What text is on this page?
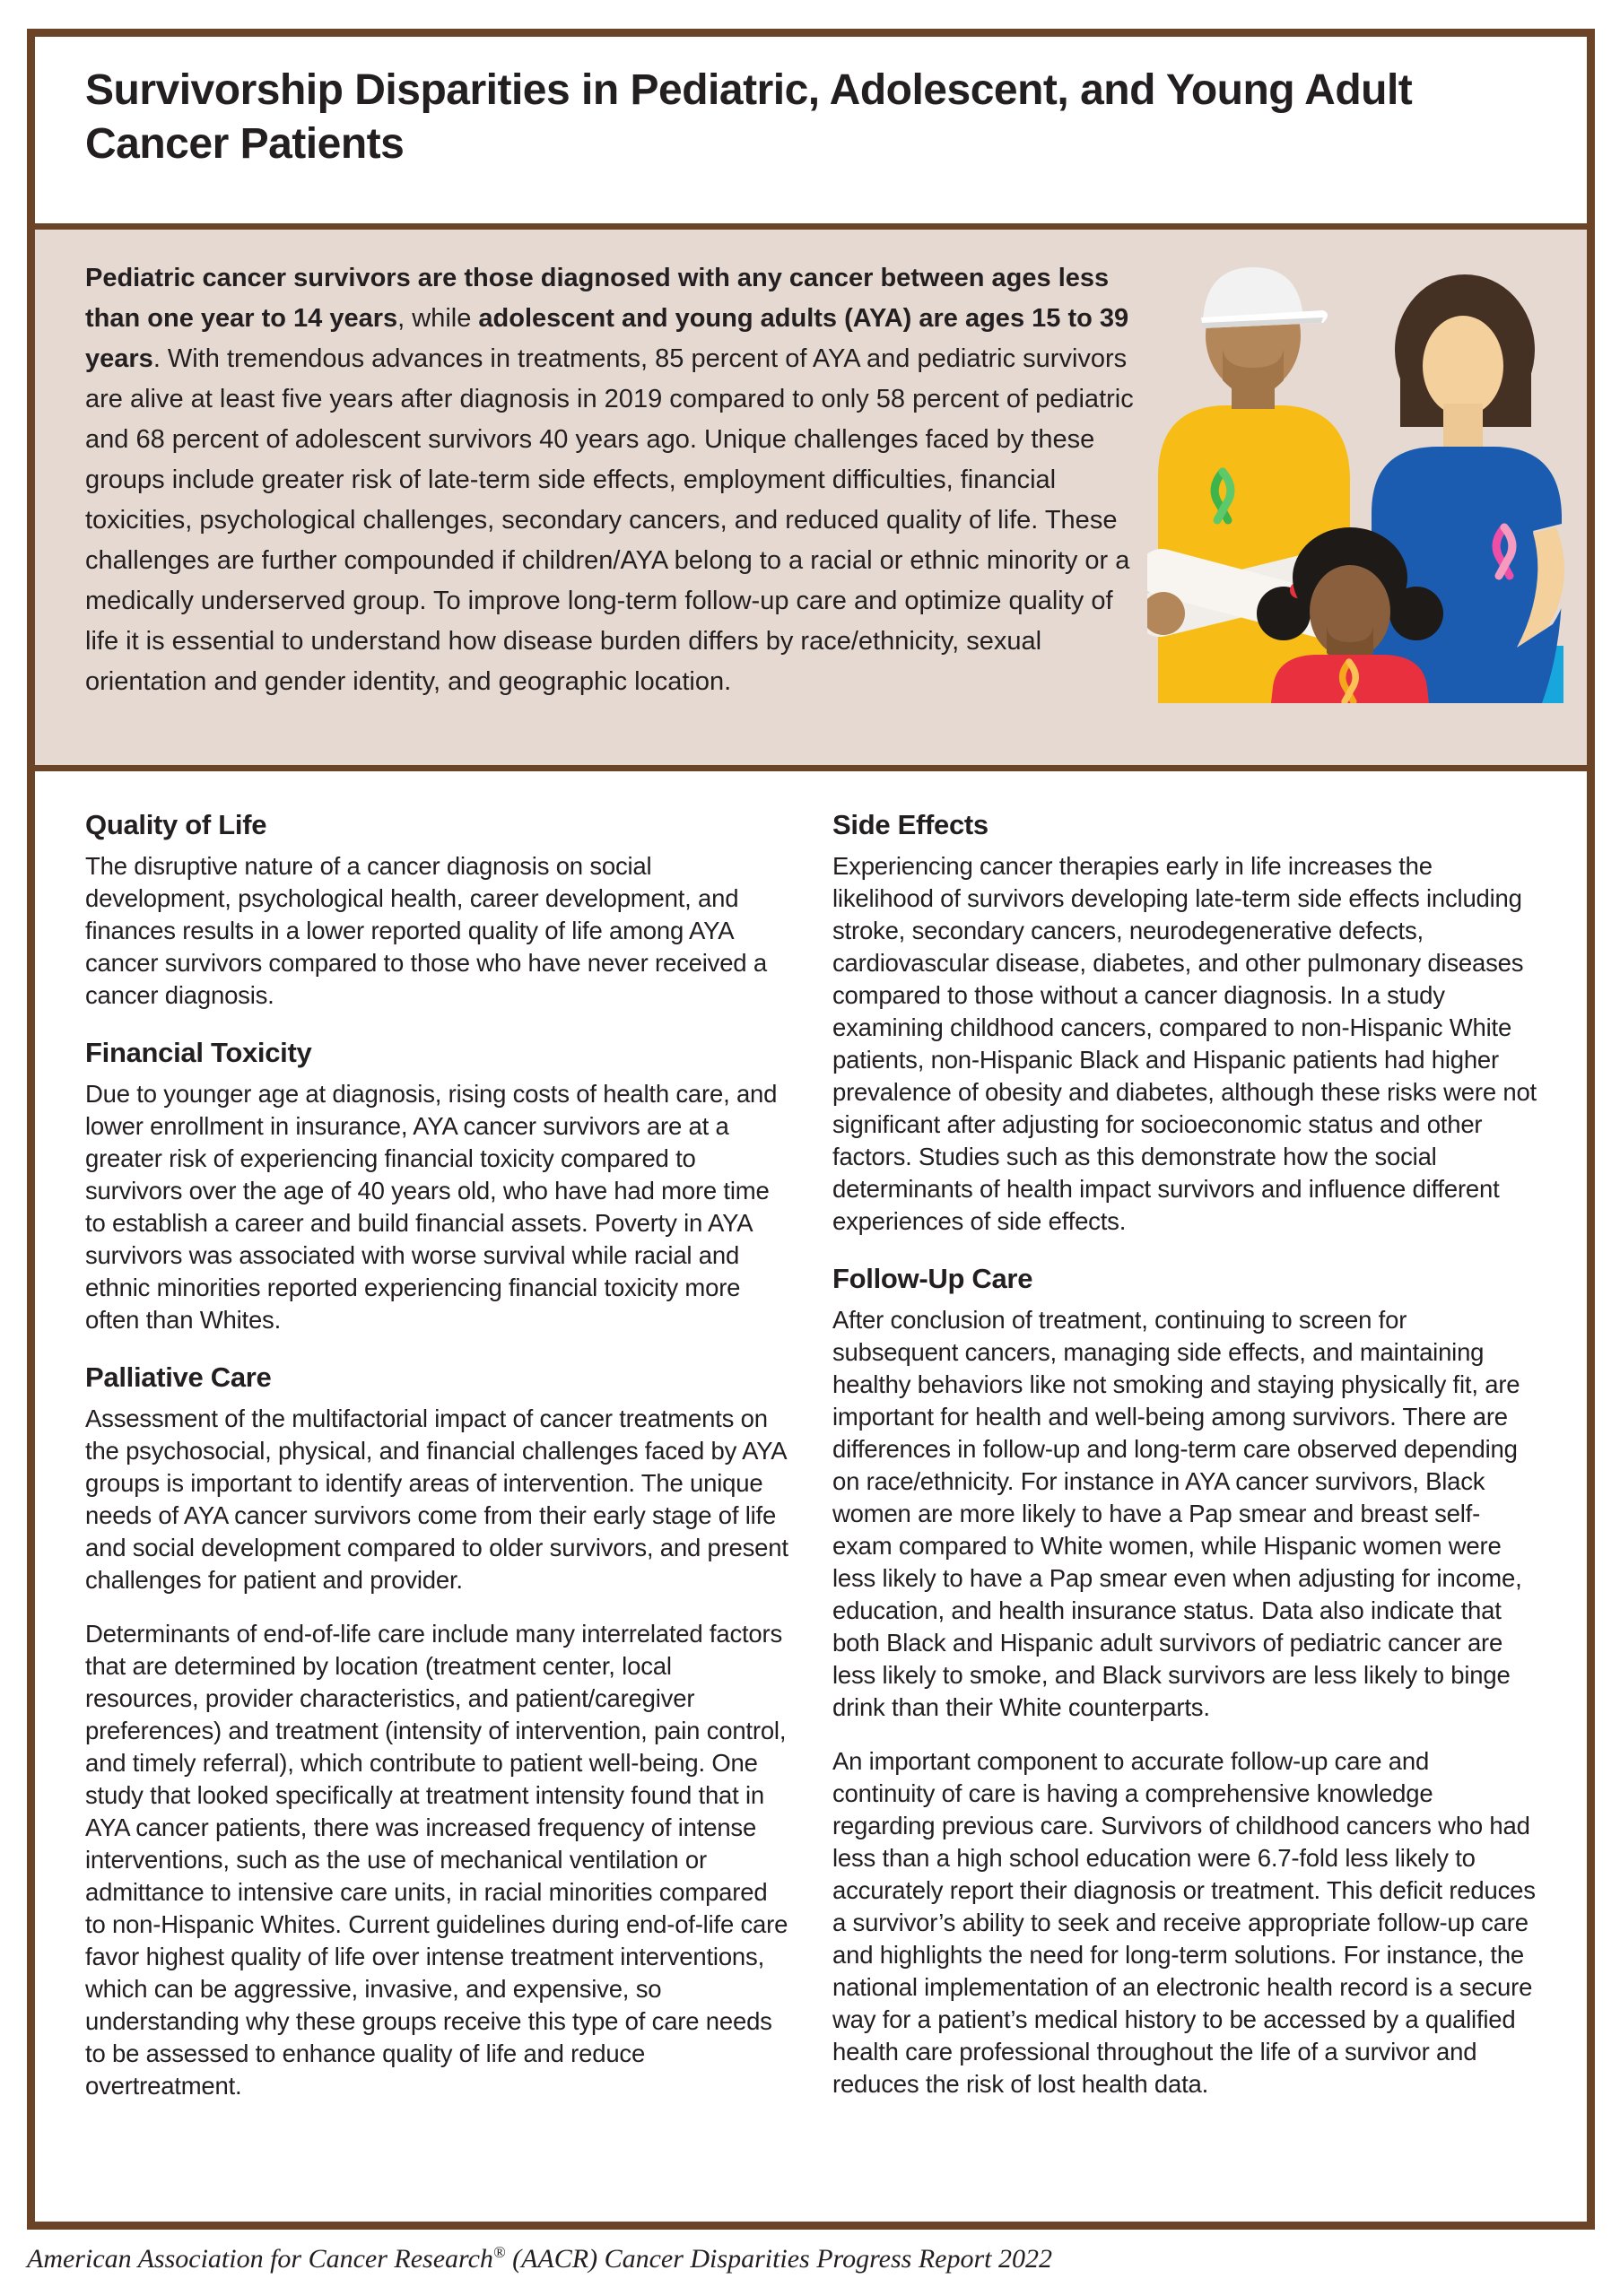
Survivorship Disparities in Pediatric, Adolescent, and Young Adult Cancer Patients
Pediatric cancer survivors are those diagnosed with any cancer between ages less than one year to 14 years, while adolescent and young adults (AYA) are ages 15 to 39 years. With tremendous advances in treatments, 85 percent of AYA and pediatric survivors are alive at least five years after diagnosis in 2019 compared to only 58 percent of pediatric and 68 percent of adolescent survivors 40 years ago. Unique challenges faced by these groups include greater risk of late-term side effects, employment difficulties, financial toxicities, psychological challenges, secondary cancers, and reduced quality of life. These challenges are further compounded if children/AYA belong to a racial or ethnic minority or a medically underserved group. To improve long-term follow-up care and optimize quality of life it is essential to understand how disease burden differs by race/ethnicity, sexual orientation and gender identity, and geographic location.
Quality of Life

The disruptive nature of a cancer diagnosis on social development, psychological health, career development, and finances results in a lower reported quality of life among AYA cancer survivors compared to those who have never received a cancer diagnosis.

Financial Toxicity

Due to younger age at diagnosis, rising costs of health care, and lower enrollment in insurance, AYA cancer survivors are at a greater risk of experiencing financial toxicity compared to survivors over the age of 40 years old, who have had more time to establish a career and build financial assets. Poverty in AYA survivors was associated with worse survival while racial and ethnic minorities reported experiencing financial toxicity more often than Whites.

Palliative Care

Assessment of the multifactorial impact of cancer treatments on the psychosocial, physical, and financial challenges faced by AYA groups is important to identify areas of intervention. The unique needs of AYA cancer survivors come from their early stage of life and social development compared to older survivors, and present challenges for patient and provider.

Determinants of end-of-life care include many interrelated factors that are determined by location (treatment center, local resources, provider characteristics, and patient/caregiver preferences) and treatment (intensity of intervention, pain control, and timely referral), which contribute to patient well-being. One study that looked specifically at treatment intensity found that in AYA cancer patients, there was increased frequency of intense interventions, such as the use of mechanical ventilation or admittance to intensive care units, in racial minorities compared to non-Hispanic Whites. Current guidelines during end-of-life care favor highest quality of life over intense treatment interventions, which can be aggressive, invasive, and expensive, so understanding why these groups receive this type of care needs to be assessed to enhance quality of life and reduce overtreatment.

Side Effects

Experiencing cancer therapies early in life increases the likelihood of survivors developing late-term side effects including stroke, secondary cancers, neurodegenerative defects, cardiovascular disease, diabetes, and other pulmonary diseases compared to those without a cancer diagnosis. In a study examining childhood cancers, compared to non-Hispanic White patients, non-Hispanic Black and Hispanic patients had higher prevalence of obesity and diabetes, although these risks were not significant after adjusting for socioeconomic status and other factors. Studies such as this demonstrate how the social determinants of health impact survivors and influence different experiences of side effects.

Follow-Up Care

After conclusion of treatment, continuing to screen for subsequent cancers, managing side effects, and maintaining healthy behaviors like not smoking and staying physically fit, are important for health and well-being among survivors. There are differences in follow-up and long-term care observed depending on race/ethnicity. For instance in AYA cancer survivors, Black women are more likely to have a Pap smear and breast self-exam compared to White women, while Hispanic women were less likely to have a Pap smear even when adjusting for income, education, and health insurance status. Data also indicate that both Black and Hispanic adult survivors of pediatric cancer are less likely to smoke, and Black survivors are less likely to binge drink than their White counterparts.

An important component to accurate follow-up care and continuity of care is having a comprehensive knowledge regarding previous care. Survivors of childhood cancers who had less than a high school education were 6.7-fold less likely to accurately report their diagnosis or treatment. This deficit reduces a survivor’s ability to seek and receive appropriate follow-up care and highlights the need for long-term solutions. For instance, the national implementation of an electronic health record is a secure way for a patient’s medical history to be accessed by a qualified health care professional throughout the life of a survivor and reduces the risk of lost health data.

American Association for Cancer Research® (AACR) Cancer Disparities Progress Report 2022
